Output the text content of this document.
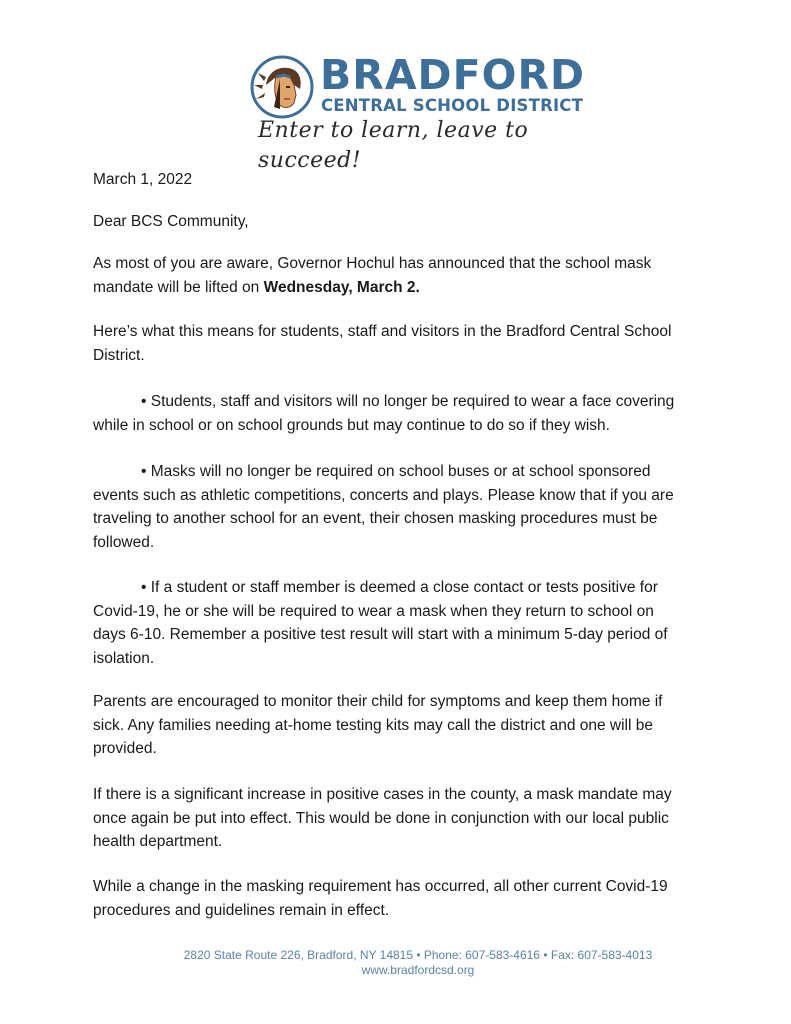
BRADFORD
CENTRAL SCHOOL DISTRICT
Enter to learn, leave to succeed!

March 1, 2022

Dear BCS Community,

As most of you are aware, Governor Hochul has announced that the school mask mandate will be lifted on Wednesday, March 2.

Here’s what this means for students, staff and visitors in the Bradford Central School District.

• Students, staff and visitors will no longer be required to wear a face covering while in school or on school grounds but may continue to do so if they wish.

• Masks will no longer be required on school buses or at school sponsored events such as athletic competitions, concerts and plays. Please know that if you are traveling to another school for an event, their chosen masking procedures must be followed.

• If a student or staff member is deemed a close contact or tests positive for Covid-19, he or she will be required to wear a mask when they return to school on days 6-10. Remember a positive test result will start with a minimum 5-day period of isolation.

Parents are encouraged to monitor their child for symptoms and keep them home if sick. Any families needing at-home testing kits may call the district and one will be provided.

If there is a significant increase in positive cases in the county, a mask mandate may once again be put into effect. This would be done in conjunction with our local public health department.

While a change in the masking requirement has occurred, all other current Covid-19 procedures and guidelines remain in effect.

2820 State Route 226, Bradford, NY 14815 • Phone: 607-583-4616 • Fax: 607-583-4013
www.bradfordcsd.org
